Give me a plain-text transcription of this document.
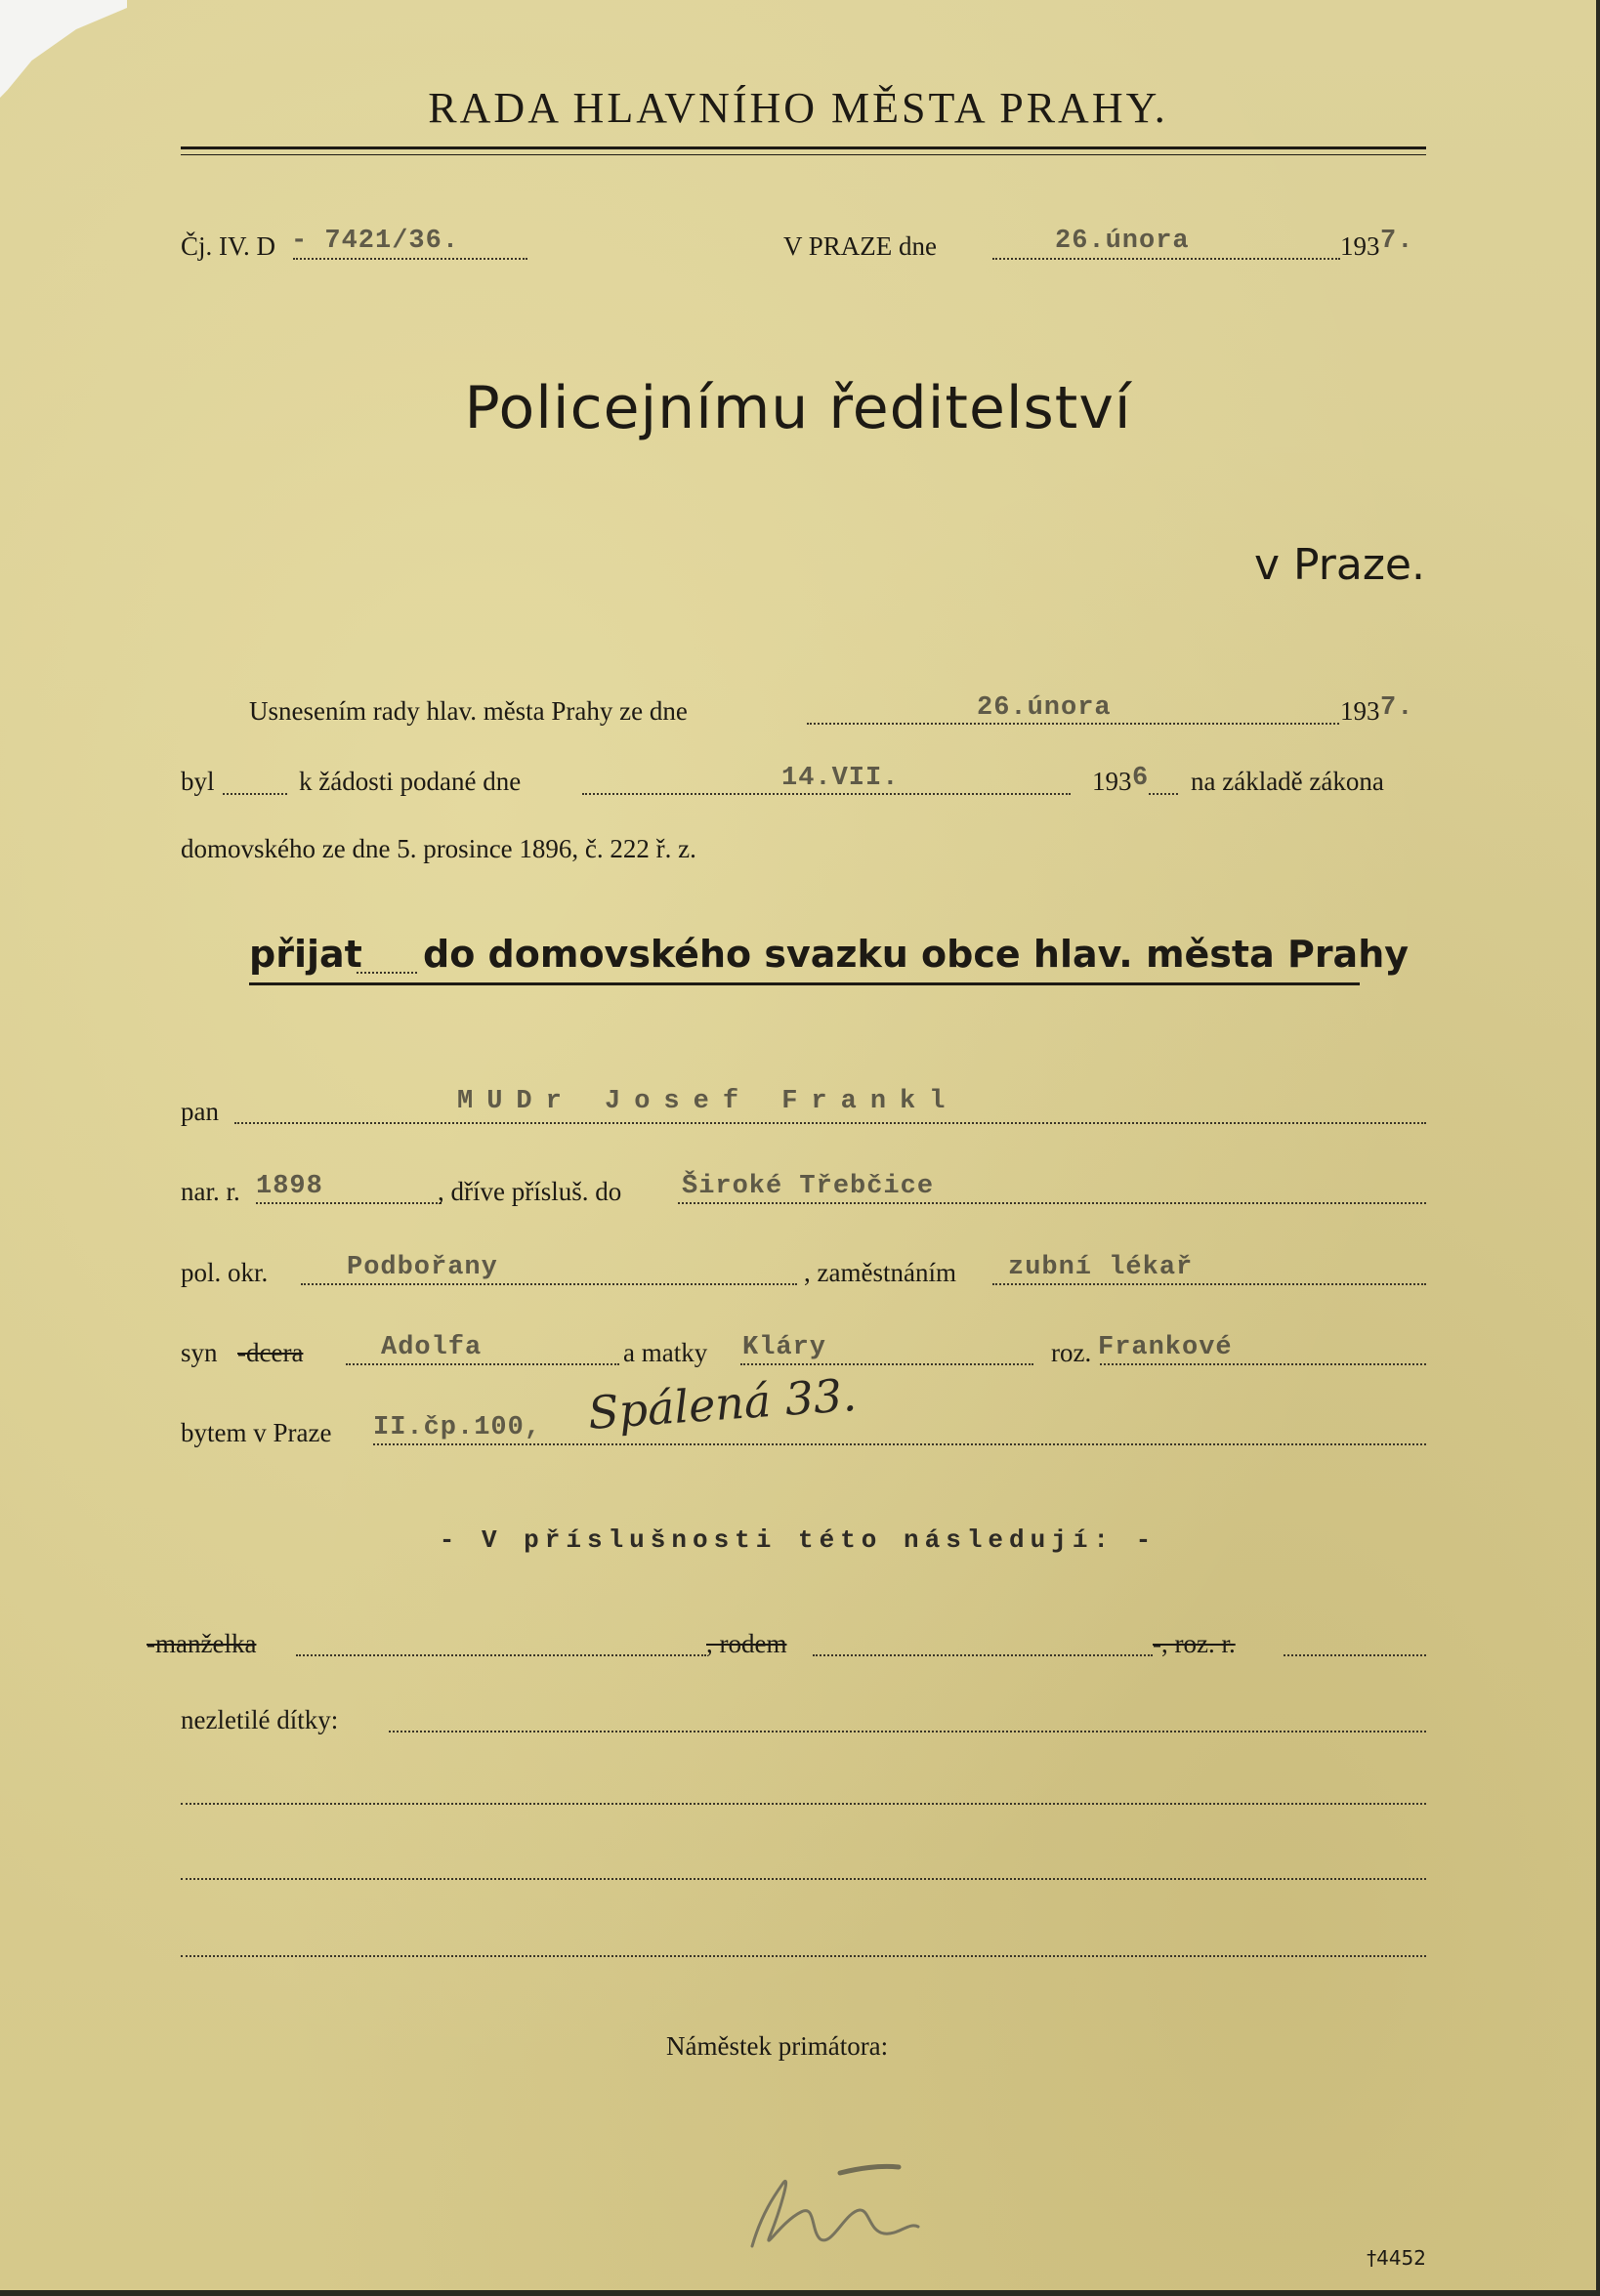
RADA HLAVNÍHO MĚSTA PRAHY.
Čj. IV. D - 7421/36.	V PRAZE dne	26.února	193 7.
Policejnímu ředitelství
v Praze.
Usnesením rady hlav. města Prahy ze dne	26.února	193 7.
byl	k žádosti podané dne	14.VII.	193 6 na základě zákona
domovského ze dne 5. prosince 1896, č. 222 ř. z.
přijat do domovského svazku obce hlav. města Prahy
pan	MUDr Josef Frankl
nar. r. 1898	, dříve přísluš. do Široké Třebčice
pol. okr.	Podbořany	, zaměstnáním zubní lékař
syn -dcera	Adolfa	a matky Kláry	roz. Frankové
bytem v Praze II.čp.100, Spálená 33.
- V příslušnosti této následují: -
-manželka	, rodem	-, roz. r.
nezletilé dítky:
Náměstek primátora:
†4452
